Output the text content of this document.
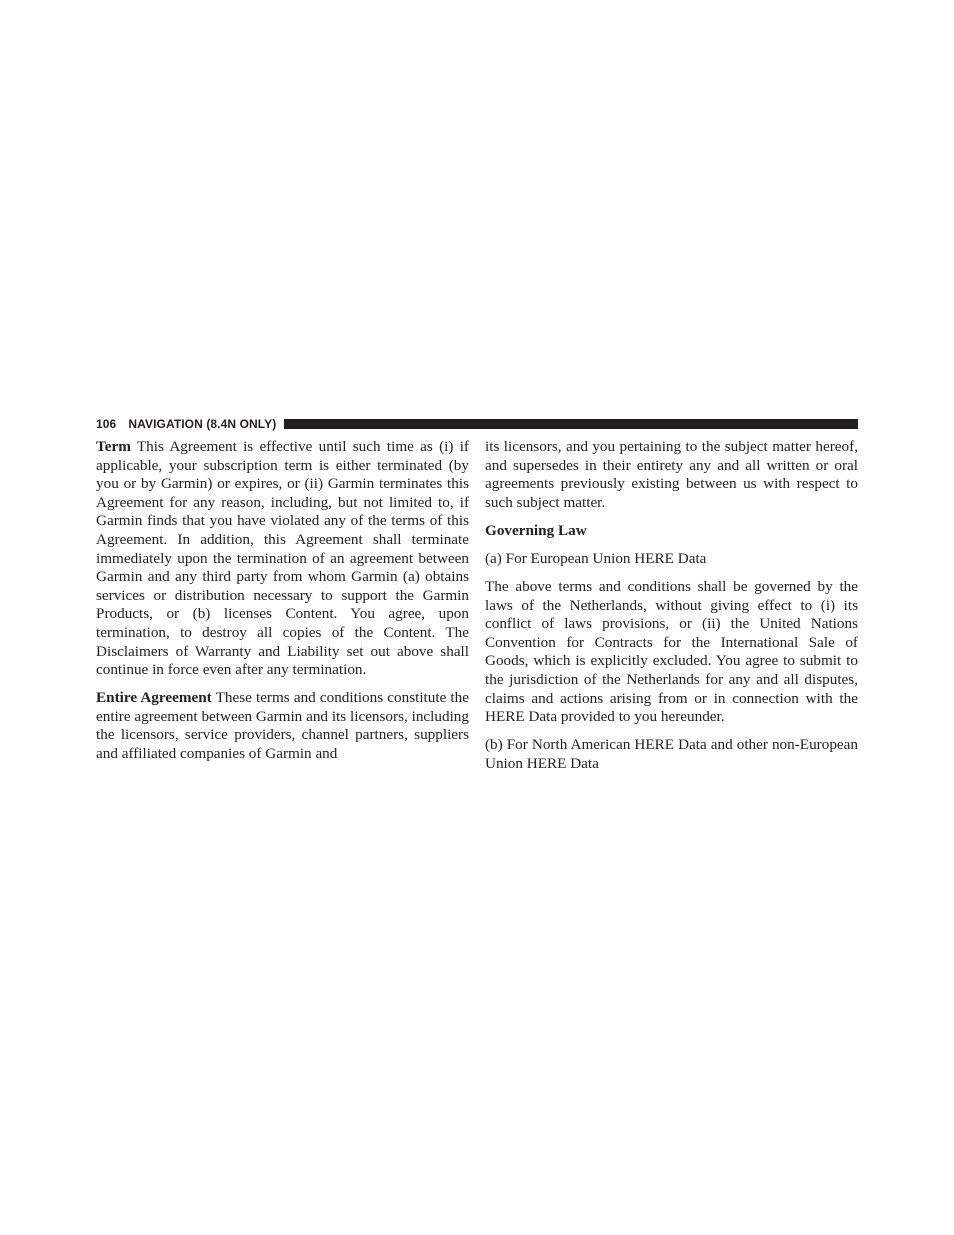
106 NAVIGATION (8.4N ONLY)

Term This Agreement is effective until such time as (i) if applicable, your subscription term is either terminated (by you or by Garmin) or expires, or (ii) Garmin terminates this Agreement for any reason, including, but not limited to, if Garmin finds that you have violated any of the terms of this Agreement. In addition, this Agreement shall terminate immediately upon the termination of an agreement between Garmin and any third party from whom Garmin (a) obtains services or distribution necessary to support the Garmin Products, or (b) licenses Content. You agree, upon termination, to destroy all copies of the Content. The Disclaimers of Warranty and Liability set out above shall continue in force even after any termination.

Entire Agreement These terms and conditions constitute the entire agreement between Garmin and its licensors, including the licensors, service providers, channel partners, suppliers and affiliated companies of Garmin and

its licensors, and you pertaining to the subject matter hereof, and supersedes in their entirety any and all written or oral agreements previously existing between us with respect to such subject matter.

Governing Law

(a) For European Union HERE Data

The above terms and conditions shall be governed by the laws of the Netherlands, without giving effect to (i) its conflict of laws provisions, or (ii) the United Nations Convention for Contracts for the International Sale of Goods, which is explicitly excluded. You agree to submit to the jurisdiction of the Netherlands for any and all disputes, claims and actions arising from or in connection with the HERE Data provided to you hereunder.

(b) For North American HERE Data and other non-European Union HERE Data
